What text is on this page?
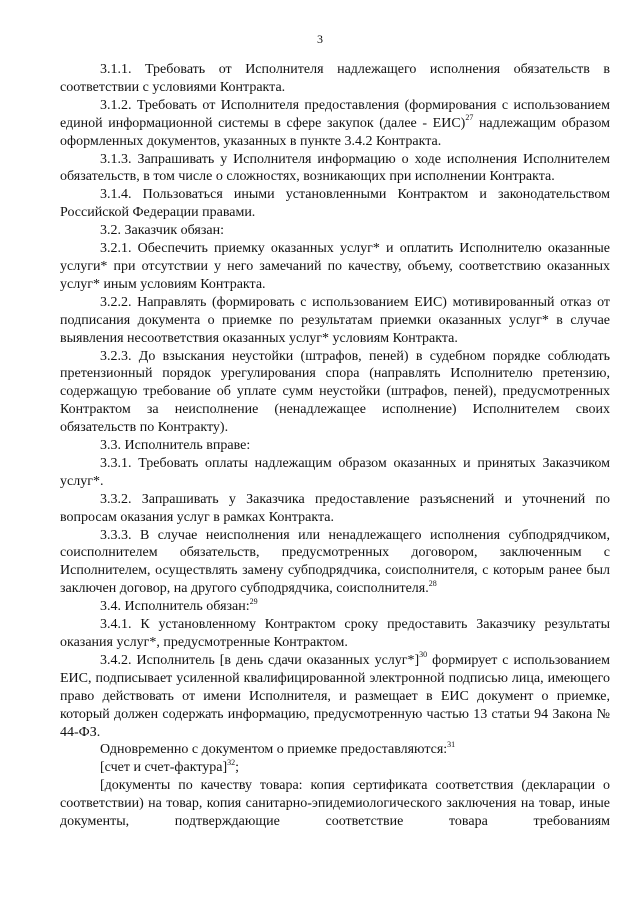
3

3.1.1. Требовать от Исполнителя надлежащего исполнения обязательств в соответствии с условиями Контракта.

3.1.2. Требовать от Исполнителя предоставления (формирования с использованием единой информационной системы в сфере закупок (далее - ЕИС)$^{27}$ надлежащим образом оформленных документов, указанных в пункте 3.4.2 Контракта.

3.1.3. Запрашивать у Исполнителя информацию о ходе исполнения Исполнителем обязательств, в том числе о сложностях, возникающих при исполнении Контракта.

3.1.4. Пользоваться иными установленными Контрактом и законодательством Российской Федерации правами.

3.2. Заказчик обязан:

3.2.1. Обеспечить приемку оказанных услуг* и оплатить Исполнителю оказанные услуги* при отсутствии у него замечаний по качеству, объему, соответствию оказанных услуг* иным условиям Контракта.

3.2.2. Направлять (формировать с использованием ЕИС) мотивированный отказ от подписания документа о приемке по результатам приемки оказанных услуг* в случае выявления несоответствия оказанных услуг* условиям Контракта.

3.2.3. До взыскания неустойки (штрафов, пеней) в судебном порядке соблюдать претензионный порядок урегулирования спора (направлять Исполнителю претензию, содержащую требование об уплате сумм неустойки (штрафов, пеней), предусмотренных Контрактом за неисполнение (ненадлежащее исполнение) Исполнителем своих обязательств по Контракту).

3.3. Исполнитель вправе:

3.3.1. Требовать оплаты надлежащим образом оказанных и принятых Заказчиком услуг*.

3.3.2. Запрашивать у Заказчика предоставление разъяснений и уточнений по вопросам оказания услуг в рамках Контракта.

3.3.3. В случае неисполнения или ненадлежащего исполнения субподрядчиком, соисполнителем обязательств, предусмотренных договором, заключенным с Исполнителем, осуществлять замену субподрядчика, соисполнителя, с которым ранее был заключен договор, на другого субподрядчика, соисполнителя.$^{28}$

3.4. Исполнитель обязан:$^{29}$

3.4.1. К установленному Контрактом сроку предоставить Заказчику результаты оказания услуг*, предусмотренные Контрактом.

3.4.2. Исполнитель [в день сдачи оказанных услуг*]$^{30}$ формирует с использованием ЕИС, подписывает усиленной квалифицированной электронной подписью лица, имеющего право действовать от имени Исполнителя, и размещает в ЕИС документ о приемке, который должен содержать информацию, предусмотренную частью 13 статьи 94 Закона № 44-ФЗ.

Одновременно с документом о приемке предоставляются:$^{31}$

[счет и счет-фактура]$^{32}$;

[документы по качеству товара: копия сертификата соответствия (декларации о соответствии) на товар, копия санитарно-эпидемиологического заключения на товар, иные документы, подтверждающие соответствие товара требованиям
